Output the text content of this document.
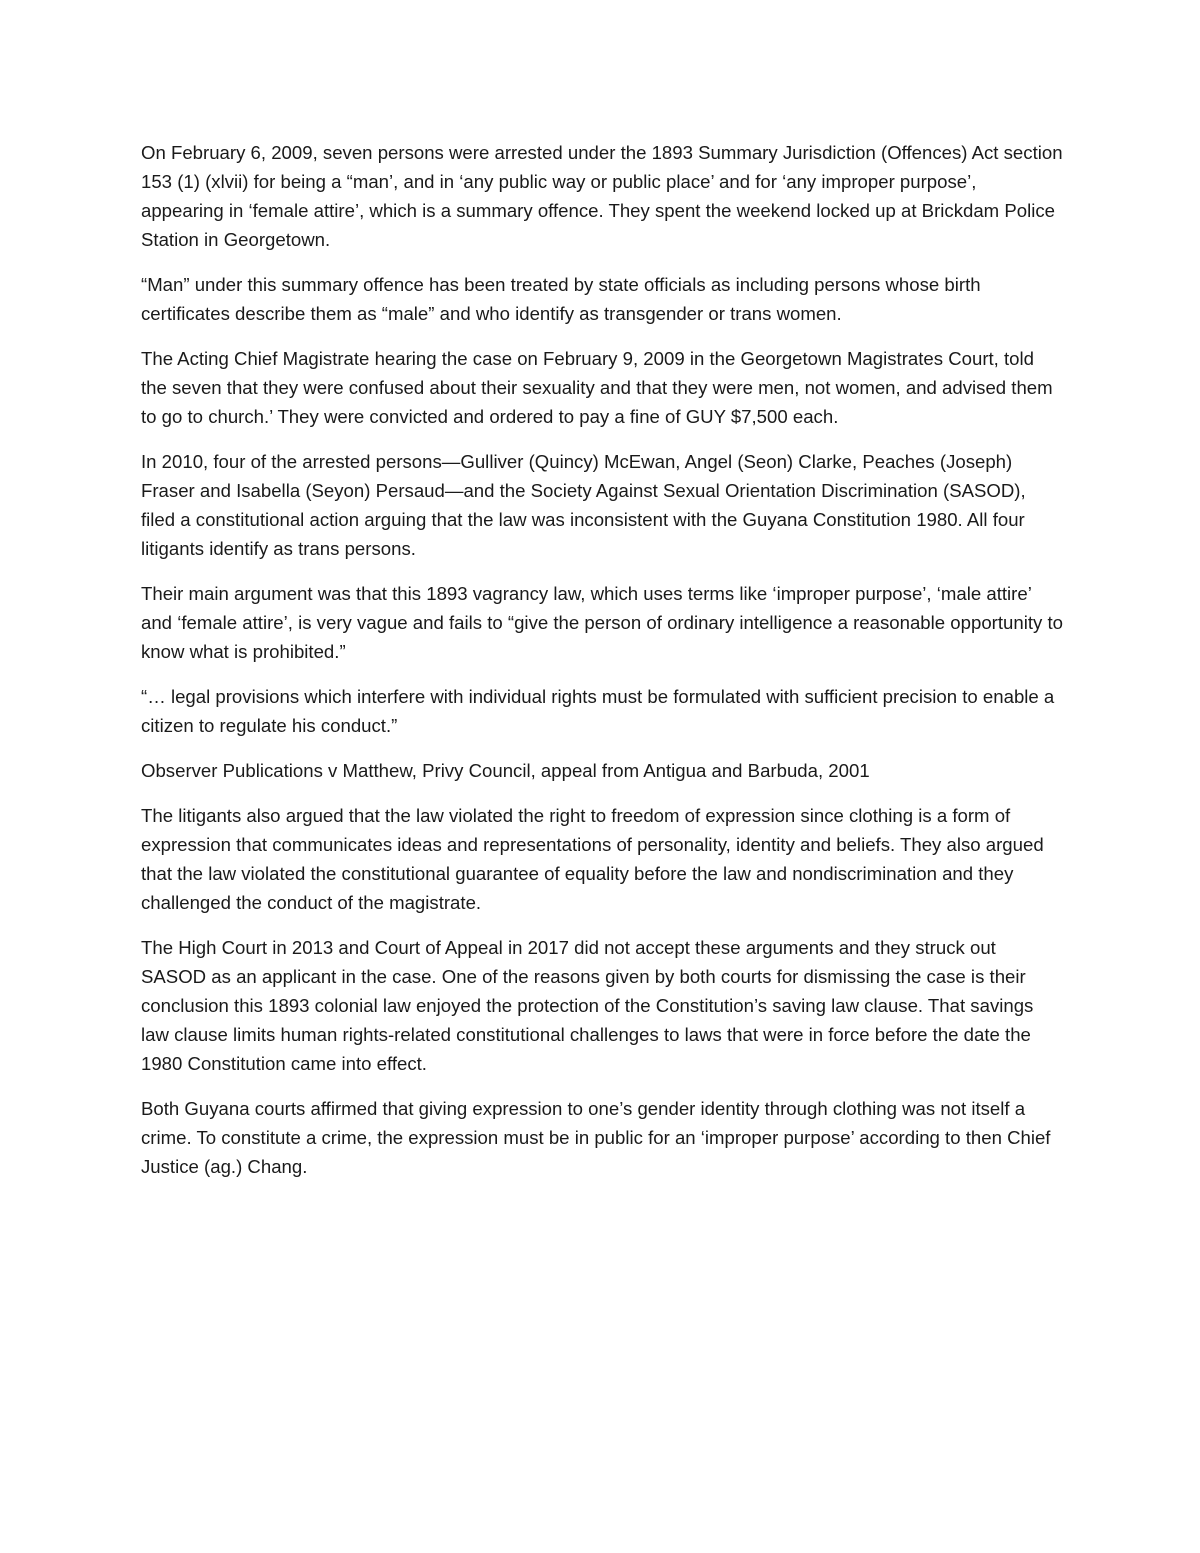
On February 6, 2009, seven persons were arrested under the 1893 Summary Jurisdiction (Offences) Act section 153 (1) (xlvii) for being a “man’, and in ‘any public way or public place’ and for ‘any improper purpose’, appearing in ‘female attire’, which is a summary offence. They spent the weekend locked up at Brickdam Police Station in Georgetown.

“Man” under this summary offence has been treated by state officials as including persons whose birth certificates describe them as “male” and who identify as transgender or trans women.

The Acting Chief Magistrate hearing the case on February 9, 2009 in the Georgetown Magistrates Court, told the seven that they were confused about their sexuality and that they were men, not women, and advised them to go to church.’ They were convicted and ordered to pay a fine of GUY $7,500 each.

In 2010, four of the arrested persons—Gulliver (Quincy) McEwan, Angel (Seon) Clarke, Peaches (Joseph) Fraser and Isabella (Seyon) Persaud—and the Society Against Sexual Orientation Discrimination (SASOD), filed a constitutional action arguing that the law was inconsistent with the Guyana Constitution 1980. All four litigants identify as trans persons.

Their main argument was that this 1893 vagrancy law, which uses terms like ‘improper purpose’, ‘male attire’ and ‘female attire’, is very vague and fails to “give the person of ordinary intelligence a reasonable opportunity to know what is prohibited.”

“… legal provisions which interfere with individual rights must be formulated with sufficient precision to enable a citizen to regulate his conduct.”

Observer Publications v Matthew, Privy Council, appeal from Antigua and Barbuda, 2001

The litigants also argued that the law violated the right to freedom of expression since clothing is a form of expression that communicates ideas and representations of personality, identity and beliefs. They also argued that the law violated the constitutional guarantee of equality before the law and nondiscrimination and they challenged the conduct of the magistrate.

The High Court in 2013 and Court of Appeal in 2017 did not accept these arguments and they struck out SASOD as an applicant in the case. One of the reasons given by both courts for dismissing the case is their conclusion this 1893 colonial law enjoyed the protection of the Constitution’s saving law clause. That savings law clause limits human rights-related constitutional challenges to laws that were in force before the date the 1980 Constitution came into effect.

Both Guyana courts affirmed that giving expression to one’s gender identity through clothing was not itself a crime. To constitute a crime, the expression must be in public for an ‘improper purpose’ according to then Chief Justice (ag.) Chang.
